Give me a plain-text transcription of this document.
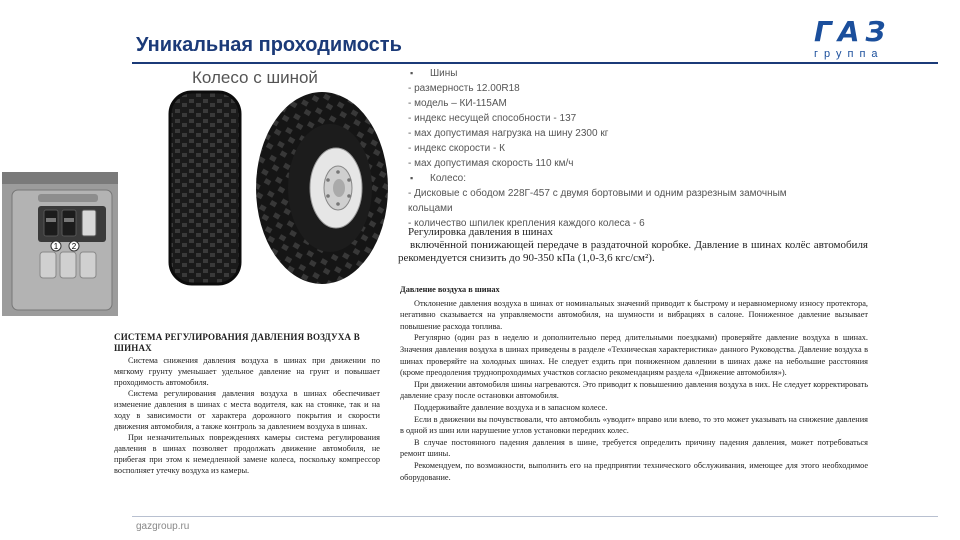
Уникальная проходимость	ГАЗ
группа
Колесо с шиной
1 2
▪	Шины
- размерность 12.00R18
- модель – КИ-115АМ
- индекс несущей способности - 137
- мах допустимая нагрузка на шину 2300 кг
- индекс скорости - К
- мах допустимая скорость 110 км/ч
▪	Колесо:
- Дисковые с ободом 228Г-457 с двумя бортовыми и одним разрезным замочным кольцами
- количество шпилек крепления каждого колеса - 6
Регулировка давления в шинах
включённой понижающей передаче в раздаточной коробке. Давление в шинах колёс автомобиля рекомендуется снизить до 90-350 кПа (1,0-3,6 кгс/см²).
СИСТЕМА РЕГУЛИРОВАНИЯ ДАВЛЕНИЯ ВОЗДУХА В ШИНАХ

Система снижения давления воздуха в шинах при движении по мягкому грунту уменьшает удельное давление на грунт и повышает проходимость автомобиля.

Система регулирования давления воздуха в шинах обеспечивает изменение давления в шинах с места водителя, как на стоянке, так и на ходу в зависимости от характера дорожного покрытия и скорости движения автомобиля, а также контроль за давлением воздуха в шинах.

При незначительных повреждениях камеры система регулирования давления в шинах позволяет продолжать движение автомобиля, не прибегая при этом к немедленной замене колеса, поскольку компрессор восполняет утечку воздуха из камеры.

Давление воздуха в шинах

Отклонение давления воздуха в шинах от номинальных значений приводит к быстрому и неравномерному износу протектора, негативно сказывается на управляемости автомобиля, на шумности и вибрациях в салоне. Пониженное давление вызывает повышение расхода топлива.

Регулярно (один раз в неделю и дополнительно перед длительными поездками) проверяйте давление воздуха в шинах. Значения давления воздуха в шинах приведены в разделе «Техническая характеристика» данного Руководства. Давление воздуха в шинах проверяйте на холодных шинах. Не следует ездить при пониженном давлении в шинах даже на небольшие расстояния (кроме преодоления труднопроходимых участков согласно рекомендациям раздела «Движение автомобиля»).

При движении автомобиля шины нагреваются. Это приводит к повышению давления воздуха в них. Не следует корректировать давление сразу после остановки автомобиля.

Поддерживайте давление воздуха и в запасном колесе.

Если в движении вы почувствовали, что автомобиль «уводит» вправо или влево, то это может указывать на снижение давления в одной из шин или нарушение углов установки передних колес.

В случае постоянного падения давления в шине, требуется определить причину падения давления, может потребоваться ремонт шины.

Рекомендуем, по возможности, выполнить его на предприятии технического обслуживания, имеющее для этого необходимое оборудование.

gazgroup.ru
